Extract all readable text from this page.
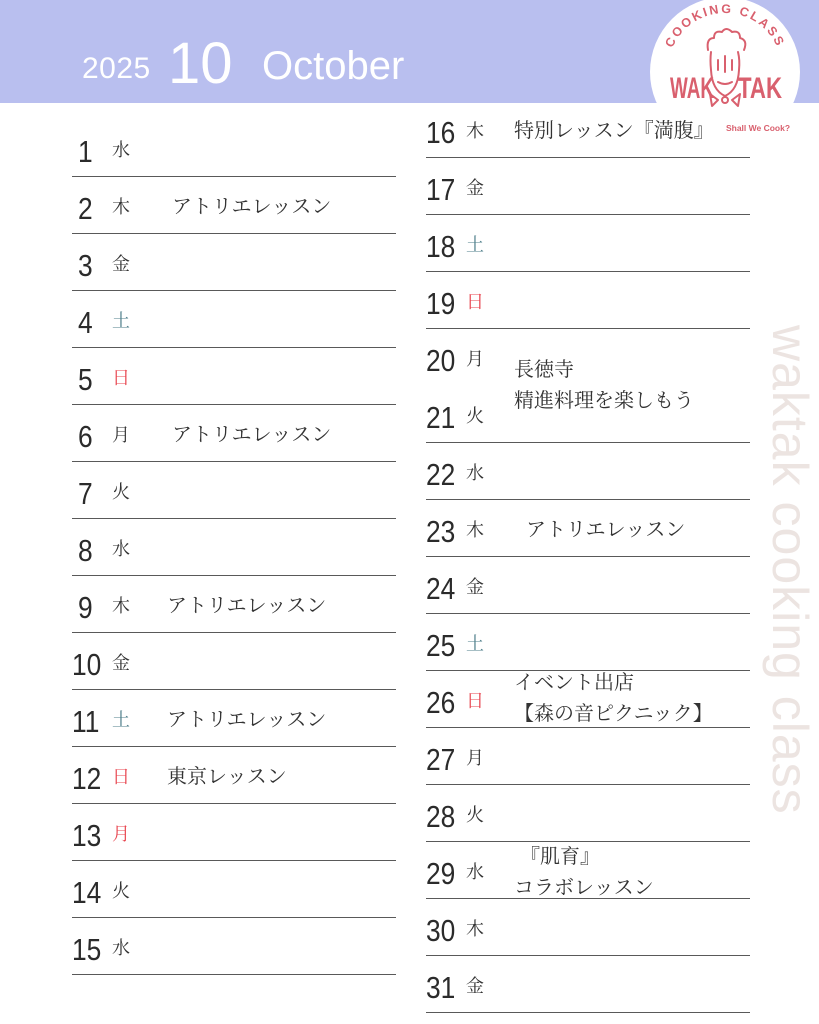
2025 10 October
COOKING CLASS
WAK TAK
Shall We Cook?
waktak cooking class
1 水
2 木 アトリエレッスン
3 金
4 土
5 日
6 月 アトリエレッスン
7 火
8 水
9 木 アトリエレッスン
10 金
11 土 アトリエレッスン
12 日 東京レッスン
13 月
14 火
15 水
16 木 特別レッスン『満腹』
17 金
18 土
19 日
20 月
21 火
22 水
23 木 アトリエレッスン
24 金
25 土
26 日
27 月
28 火
29 水
30 木
31 金
長徳寺
精進料理を楽しもう
イベント出店
【森の音ピクニック】
『肌育』
コラボレッスン
